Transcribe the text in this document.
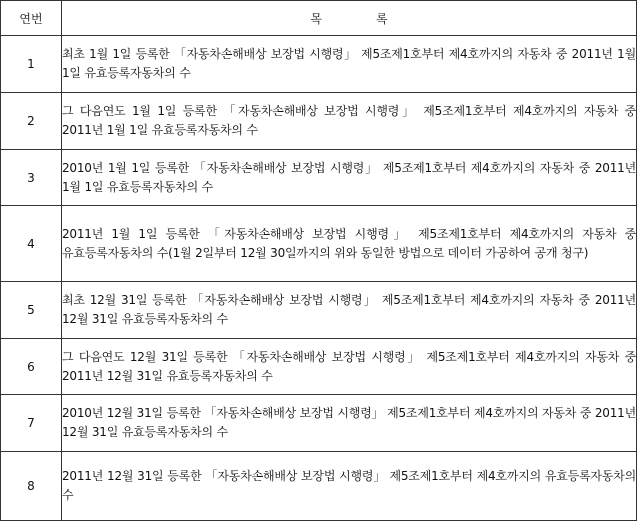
연번	목 록
1	최초 1월 1일 등록한 「자동차손해배상 보장법 시행령」 제5조제1호부터 제4호까지의 자동차 중 2011년 1월 1일 유효등록자동차의 수
2	그 다음연도 1월 1일 등록한 「자동차손해배상 보장법 시행령」 제5조제1호부터 제4호까지의 자동차 중 2011년 1월 1일 유효등록자동차의 수
3	2010년 1월 1일 등록한 「자동차손해배상 보장법 시행령」 제5조제1호부터 제4호까지의 자동차 중 2011년 1월 1일 유효등록자동차의 수
4	2011년 1월 1일 등록한 「자동차손해배상 보장법 시행령」 제5조제1호부터 제4호까지의 자동차 중 유효등록자동차의 수(1월 2일부터 12월 30일까지의 위와 동일한 방법으로 데이터 가공하여 공개 청구)
5	최초 12월 31일 등록한 「자동차손해배상 보장법 시행령」 제5조제1호부터 제4호까지의 자동차 중 2011년 12월 31일 유효등록자동차의 수
6	그 다음연도 12월 31일 등록한 「자동차손해배상 보장법 시행령」 제5조제1호부터 제4호까지의 자동차 중 2011년 12월 31일 유효등록자동차의 수
7	2010년 12월 31일 등록한 「자동차손해배상 보장법 시행령」 제5조제1호부터 제4호까지의 자동차 중 2011년 12월 31일 유효등록자동차의 수
8	2011년 12월 31일 등록한 「자동차손해배상 보장법 시행령」 제5조제1호부터 제4호까지의 유효등록자동차의 수
